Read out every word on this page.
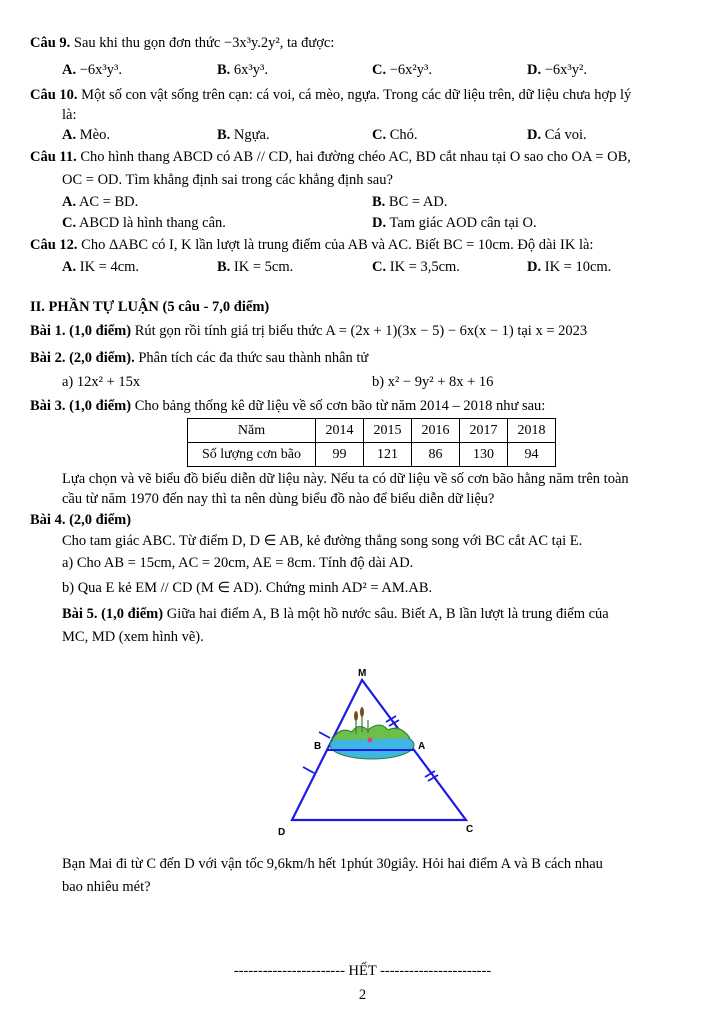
Câu 9. Sau khi thu gọn đơn thức −3x³y.2y², ta được:
A. −6x³y³.	B. 6x³y³.	C. −6x²y³.	D. −6x³y².
Câu 10. Một số con vật sống trên cạn: cá voi, cá mèo, ngựa. Trong các dữ liệu trên, dữ liệu chưa hợp lý
là:
A. Mèo.	B. Ngựa.	C. Chó.	D. Cá voi.
Câu 11. Cho hình thang ABCD có AB // CD, hai đường chéo AC, BD cắt nhau tại O sao cho OA = OB,
OC = OD. Tìm khẳng định sai trong các khẳng định sau?
A. AC = BD.	B. BC = AD.
C. ABCD là hình thang cân.	D. Tam giác AOD cân tại O.
Câu 12. Cho ΔABC có I, K lần lượt là trung điểm của AB và AC. Biết BC = 10cm. Độ dài IK là:
A. IK = 4cm.	B. IK = 5cm.	C. IK = 3,5cm.	D. IK = 10cm.
II. PHẦN TỰ LUẬN (5 câu - 7,0 điểm)
Bài 1. (1,0 điểm) Rút gọn rồi tính giá trị biểu thức A = (2x + 1)(3x − 5) − 6x(x − 1) tại x = 2023
Bài 2. (2,0 điểm). Phân tích các đa thức sau thành nhân tử
a) 12x² + 15x	b) x² − 9y² + 8x + 16
Bài 3. (1,0 điểm) Cho bảng thống kê dữ liệu về số cơn bão từ năm 2014 – 2018 như sau:
Năm	2014	2015	2016	2017	2018
Số lượng cơn bão	99	121	86	130	94
Lựa chọn và vẽ biểu đồ biểu diễn dữ liệu này. Nếu ta có dữ liệu về số cơn bão hằng năm trên toàn
cầu từ năm 1970 đến nay thì ta nên dùng biểu đồ nào để biểu diễn dữ liệu?
Bài 4. (2,0 điểm)
Cho tam giác ABC. Từ điểm D, D ∈ AB, kẻ đường thẳng song song với BC cắt AC tại E.
a) Cho AB = 15cm, AC = 20cm, AE = 8cm. Tính độ dài AD.
b) Qua E kẻ EM // CD (M ∈ AD). Chứng minh AD² = AM.AB.
Bài 5. (1,0 điểm) Giữa hai điểm A, B là một hồ nước sâu. Biết A, B lần lượt là trung điểm của
MC, MD (xem hình vẽ).
M
B	A
D	C
Bạn Mai đi từ C đến D với vận tốc 9,6km/h hết 1phút 30giây. Hỏi hai điểm A và B cách nhau
bao nhiêu mét?
----------------------- HẾT -----------------------
2
